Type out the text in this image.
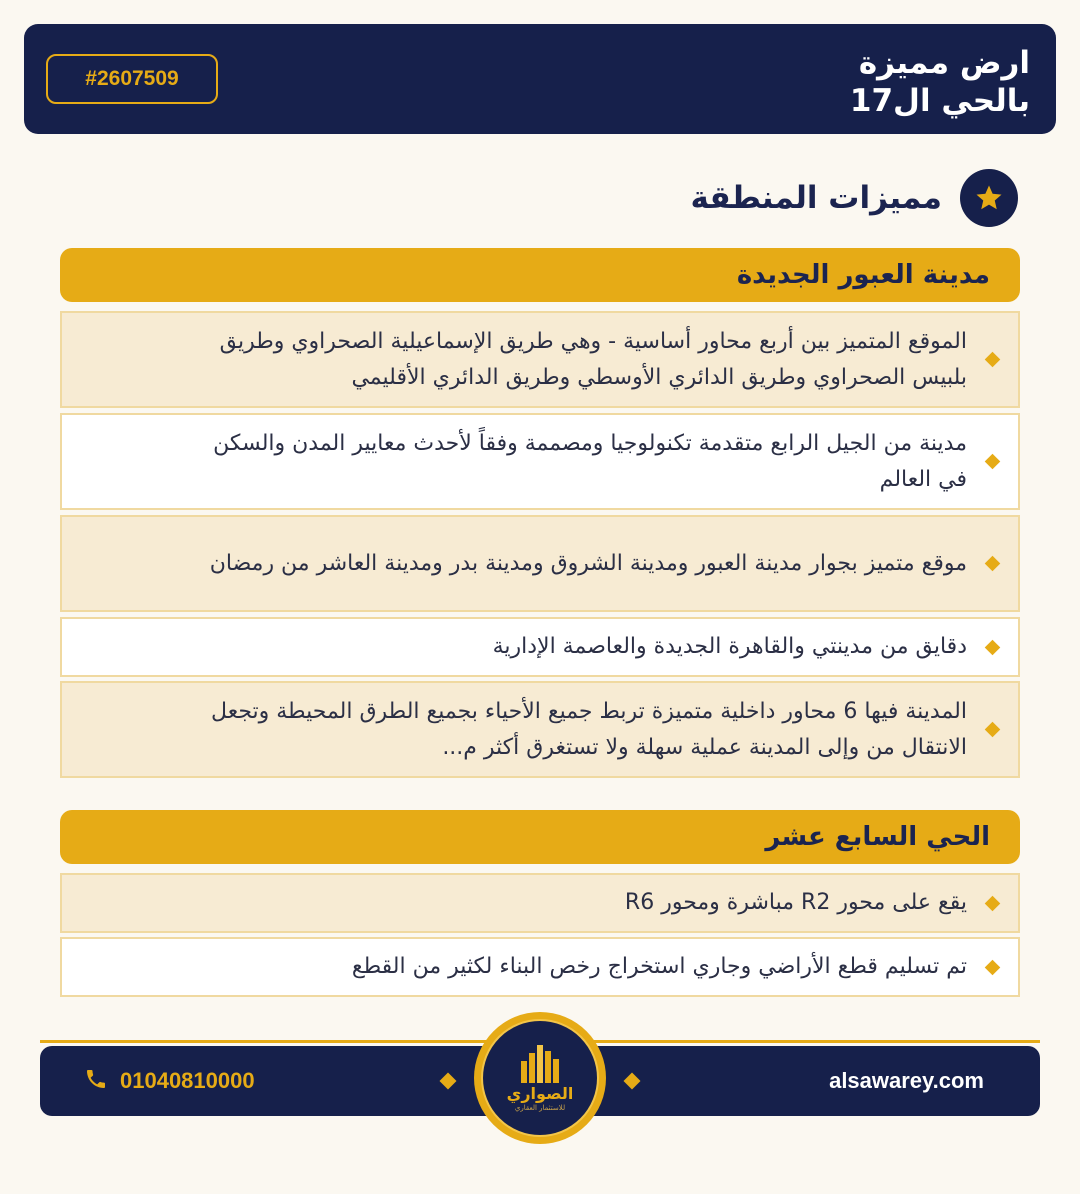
ارض مميزة
بالحي ال17
#2607509
مميزات المنطقة
مدينة العبور الجديدة
الموقع المتميز بين أربع محاور أساسية - وهي طريق الإسماعيلية الصحراوي وطريق بلبيس الصحراوي وطريق الدائري الأوسطي وطريق الدائري الأقليمي
مدينة من الجيل الرابع متقدمة تكنولوجيا ومصممة وفقاً لأحدث معايير المدن والسكن في العالم
موقع متميز بجوار مدينة العبور ومدينة الشروق ومدينة بدر ومدينة العاشر من رمضان
دقايق من مدينتي والقاهرة الجديدة والعاصمة الإدارية
المدينة فيها 6 محاور داخلية متميزة تربط جميع الأحياء بجميع الطرق المحيطة وتجعل الانتقال من وإلى المدينة عملية سهلة ولا تستغرق أكثر م...
الحي السابع عشر
يقع على محور R2 مباشرة ومحور R6
تم تسليم قطع الأراضي وجاري استخراج رخص البناء لكثير من القطع
alsawarey.com
01040810000
الصواري
للاستثمار العقاري
